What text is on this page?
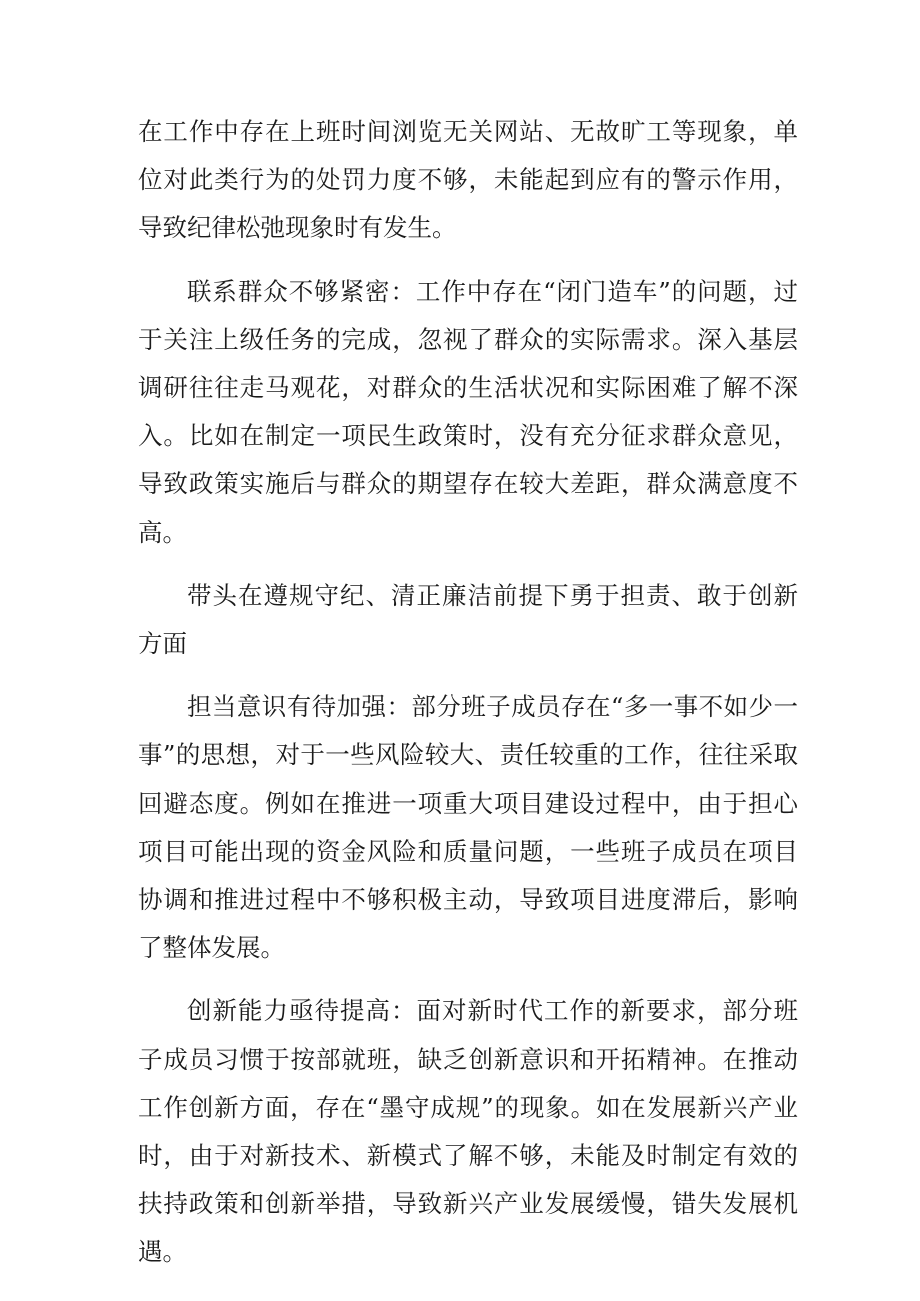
在工作中存在上班时间浏览无关网站、无故旷工等现象，单位对此类行为的处罚力度不够，未能起到应有的警示作用，导致纪律松弛现象时有发生。

联系群众不够紧密：工作中存在“闭门造车”的问题，过于关注上级任务的完成，忽视了群众的实际需求。深入基层调研往往走马观花，对群众的生活状况和实际困难了解不深入。比如在制定一项民生政策时，没有充分征求群众意见，导致政策实施后与群众的期望存在较大差距，群众满意度不高。

带头在遵规守纪、清正廉洁前提下勇于担责、敢于创新方面

担当意识有待加强：部分班子成员存在“多一事不如少一事”的思想，对于一些风险较大、责任较重的工作，往往采取回避态度。例如在推进一项重大项目建设过程中，由于担心项目可能出现的资金风险和质量问题，一些班子成员在项目协调和推进过程中不够积极主动，导致项目进度滞后，影响了整体发展。

创新能力亟待提高：面对新时代工作的新要求，部分班子成员习惯于按部就班，缺乏创新意识和开拓精神。在推动工作创新方面，存在“墨守成规”的现象。如在发展新兴产业时，由于对新技术、新模式了解不够，未能及时制定有效的扶持政策和创新举措，导致新兴产业发展缓慢，错失发展机遇。
